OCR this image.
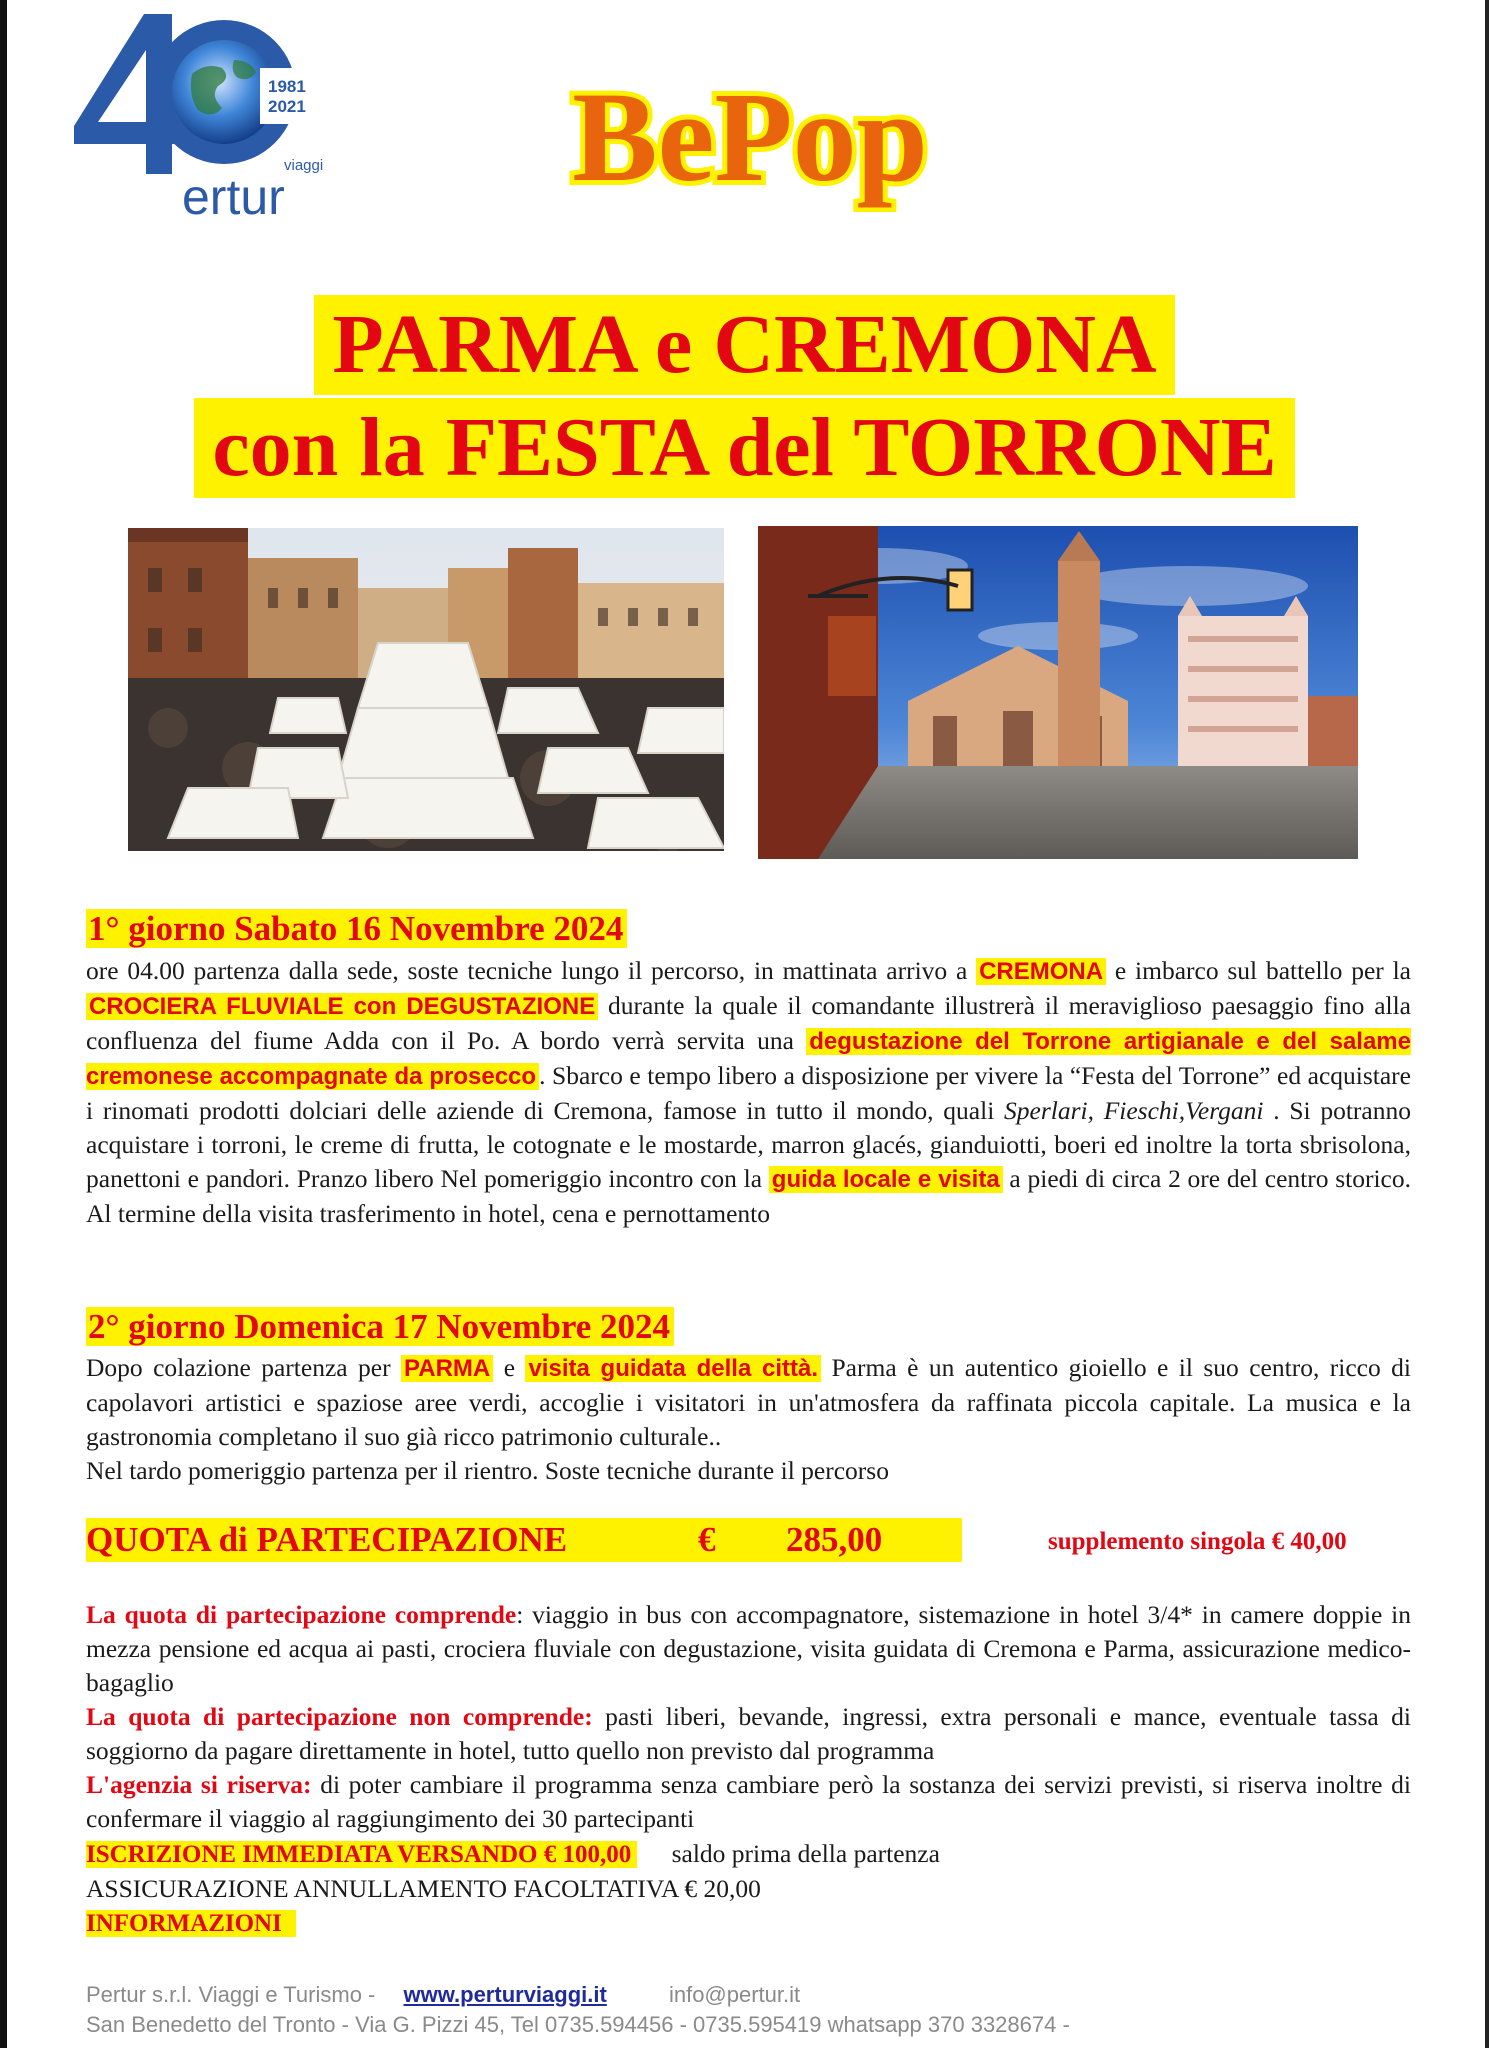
1981
2021
viaggi
ertur BePop
PARMA e CREMONA
con la FESTA del TORRONE
1° giorno Sabato 16 Novembre 2024
ore 04.00 partenza dalla sede, soste tecniche lungo il percorso, in mattinata arrivo a CREMONA e imbarco sul battello per la CROCIERA FLUVIALE con DEGUSTAZIONE durante la quale il comandante illustrerà il meraviglioso paesaggio fino alla confluenza del fiume Adda con il Po. A bordo verrà servita una degustazione del Torrone artigianale e del salame cremonese accompagnate da prosecco . Sbarco e tempo libero a disposizione per vivere la “Festa del Torrone” ed acquistare i rinomati prodotti dolciari delle aziende di Cremona, famose in tutto il mondo, quali Sperlari, Fieschi,Vergani . Si potranno acquistare i torroni, le creme di frutta, le cotognate e le mostarde, marron glacés, gianduiotti, boeri ed inoltre la torta sbrisolona, panettoni e pandori. Pranzo libero Nel pomeriggio incontro con la guida locale e visita a piedi di circa 2 ore del centro storico. Al termine della visita trasferimento in hotel, cena e pernottamento
2° giorno Domenica 17 Novembre 2024
Dopo colazione partenza per PARMA e visita guidata della città. Parma è un autentico gioiello e il suo centro, ricco di capolavori artistici e spaziose aree verdi, accoglie i visitatori in un'atmosfera da raffinata piccola capitale. La musica e la gastronomia completano il suo già ricco patrimonio culturale..
Nel tardo pomeriggio partenza per il rientro. Soste tecniche durante il percorso
QUOTA di PARTECIPAZIONE	€ 285,00	supplemento singola € 40,00
La quota di partecipazione comprende: viaggio in bus con accompagnatore, sistemazione in hotel 3/4* in camere doppie in mezza pensione ed acqua ai pasti, crociera fluviale con degustazione, visita guidata di Cremona e Parma, assicurazione medico-bagaglio
La quota di partecipazione non comprende: pasti liberi, bevande, ingressi, extra personali e mance, eventuale tassa di soggiorno da pagare direttamente in hotel, tutto quello non previsto dal programma
L'agenzia si riserva: di poter cambiare il programma senza cambiare però la sostanza dei servizi previsti, si riserva inoltre di confermare il viaggio al raggiungimento dei 30 partecipanti
ISCRIZIONE IMMEDIATA VERSANDO € 100,00 saldo prima della partenza
ASSICURAZIONE ANNULLAMENTO FACOLTATIVA € 20,00
INFORMAZIONI
Pertur s.r.l. Viaggi e Turismo - www.perturviaggi.it	info@pertur.it
San Benedetto del Tronto - Via G. Pizzi 45, Tel 0735.594456 - 0735.595419 whatsapp 370 3328674 -
